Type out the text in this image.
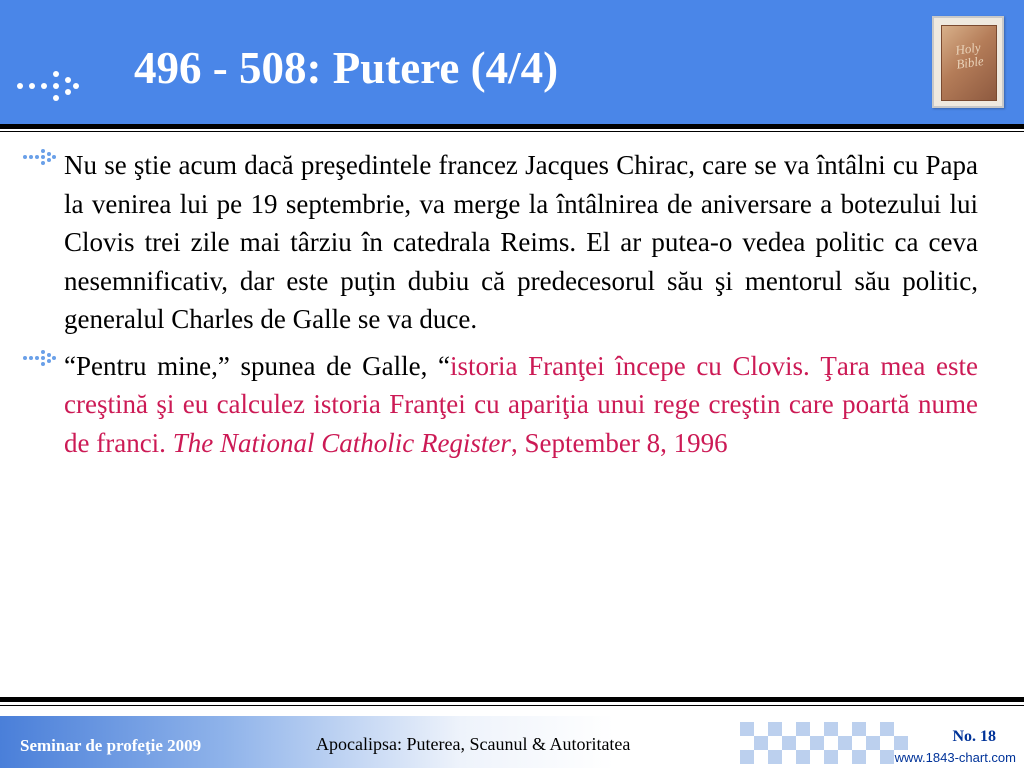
496 - 508: Putere (4/4)	Holy Bible

Nu se ştie acum dacă preşedintele francez Jacques Chirac, care se va întâlni cu Papa la venirea lui pe 19 septembrie, va merge la întâlnirea de aniversare a botezului lui Clovis trei zile mai târziu în catedrala Reims. El ar putea-o vedea politic ca ceva nesemnificativ, dar este puţin dubiu că predecesorul său şi mentorul său politic, generalul Charles de Galle se va duce.

“Pentru mine,” spunea de Galle, “istoria Franţei începe cu Clovis. Ţara mea este creştină şi eu calculez istoria Franţei cu apariţia unui rege creştin care poartă nume de franci. The National Catholic Register, September 8, 1996

Seminar de profeţie 2009	Apocalipsa: Puterea, Scaunul & Autoritatea	No. 18
www.1843-chart.com
